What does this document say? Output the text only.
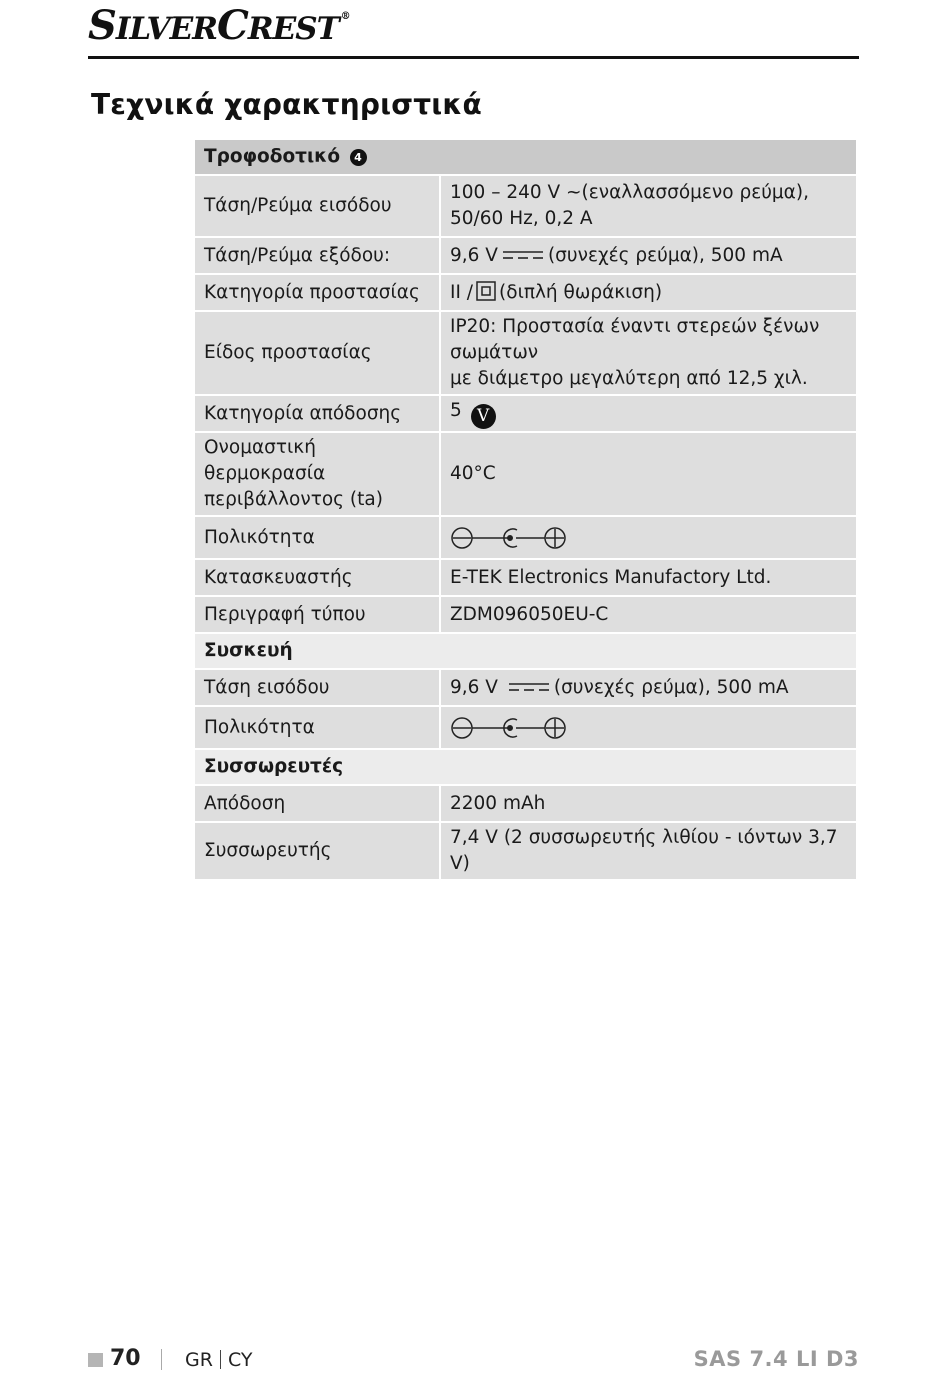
SILVERCREST ®
Τεχνικά χαρακτηριστικά
Τροφοδοτικό 4	
Τάση/Ρεύμα εισόδου	100 – 240 V ~(εναλλασσόμενο ρεύμα),
50/60 Hz, 0,2 A
Τάση/Ρεύμα εξόδου:	9,6 V (συνεχές ρεύμα), 500 mA
Κατηγορία προστασίας	II / (διπλή θωράκιση)
Είδος προστασίας	IP20: Προστασία έναντι στερεών ξένων σωμάτων
με διάμετρο μεγαλύτερη από 12,5 χιλ.
Κατηγορία απόδοσης	5 V
Ονομαστική θερμοκρασία
περιβάλλοντος (ta)	40°C
Πολικότητα	
Κατασκευαστής	E-TEK Electronics Manufactory Ltd.
Περιγραφή τύπου	ZDM096050EU-C
Συσκευή	
Τάση εισόδου	9,6 V (συνεχές ρεύμα), 500 mA
Πολικότητα	
Συσσωρευτές	
Απόδοση	2200 mAh
Συσσωρευτής	7,4 V (2 συσσωρευτής λιθίου - ιόντων 3,7 V)
70 GR CY	SAS 7.4 LI D3
